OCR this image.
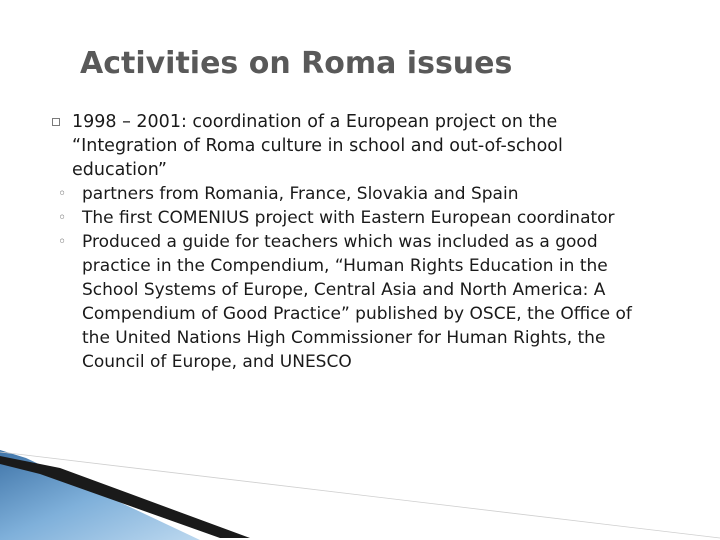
Activities on Roma issues
1998 – 2001: coordination of a European project on the “Integration of Roma culture in school and out-of-school education”
◦ partners from Romania, France, Slovakia and Spain
◦ The first COMENIUS project with Eastern European coordinator
◦ Produced a guide for teachers which was included as a good practice in the Compendium, “Human Rights Education in the School Systems of Europe, Central Asia and North America: A Compendium of Good Practice” published by OSCE, the Office of the United Nations High Commissioner for Human Rights, the Council of Europe, and UNESCO
